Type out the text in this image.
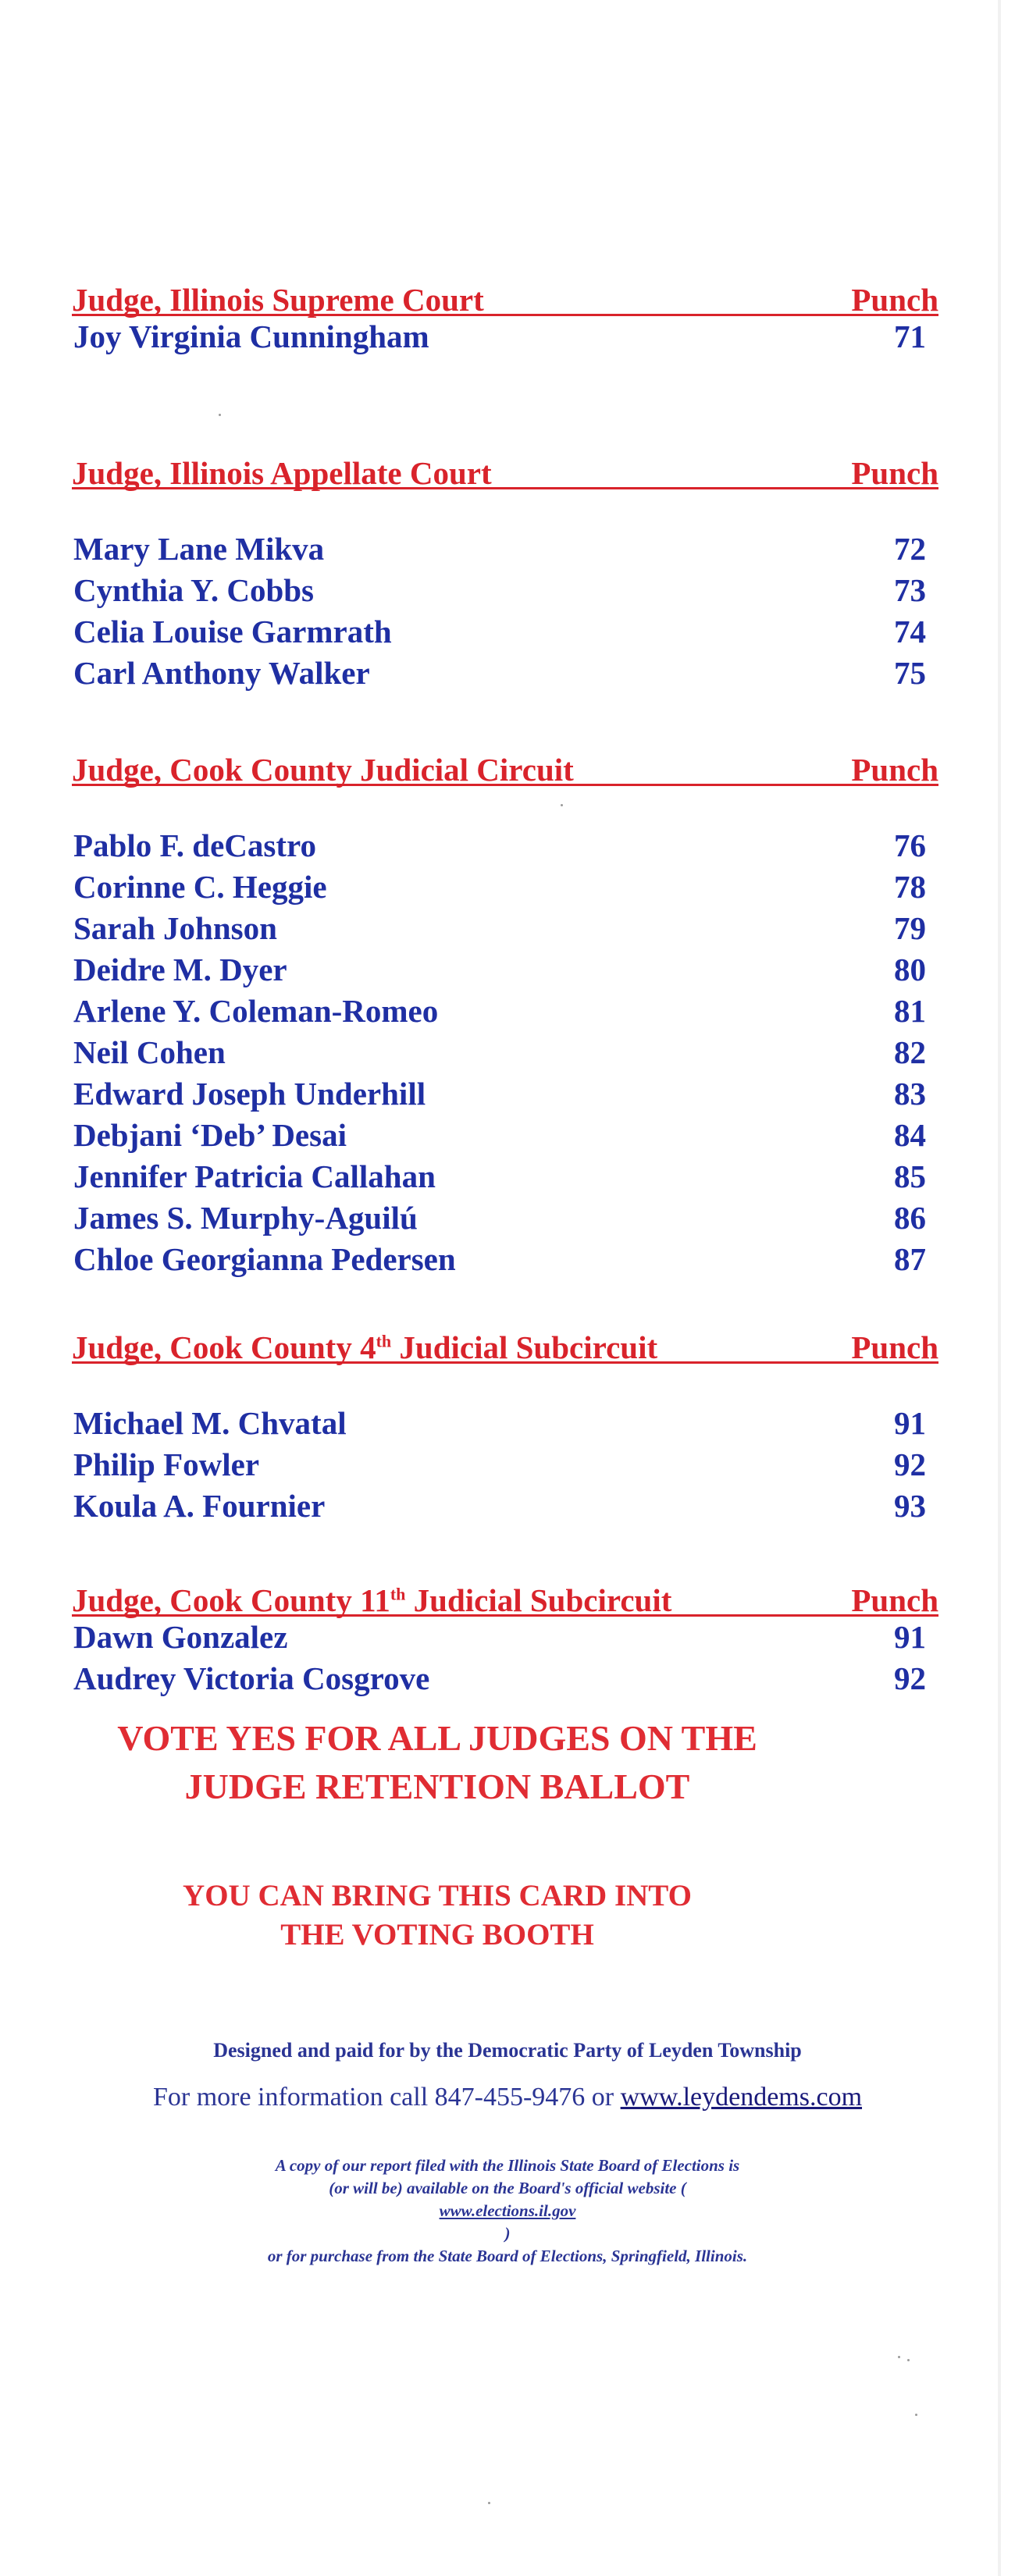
Judge, Illinois Supreme Court	Punch
Joy Virginia Cunningham	71
Judge, Illinois Appellate Court	Punch
Mary Lane Mikva	72
Cynthia Y. Cobbs	73
Celia Louise Garmrath	74
Carl Anthony Walker	75
Judge, Cook County Judicial Circuit	Punch
Pablo F. deCastro	76
Corinne C. Heggie	78
Sarah Johnson	79
Deidre M. Dyer	80
Arlene Y. Coleman-Romeo	81
Neil Cohen	82
Edward Joseph Underhill	83
Debjani ‘Deb’ Desai	84
Jennifer Patricia Callahan	85
James S. Murphy-Aguilú	86
Chloe Georgianna Pedersen	87
Judge, Cook County 4th Judicial Subcircuit	Punch
Michael M. Chvatal	91
Philip Fowler	92
Koula A. Fournier	93
Judge, Cook County 11th Judicial Subcircuit	Punch
Dawn Gonzalez	91
Audrey Victoria Cosgrove	92
VOTE YES FOR ALL JUDGES ON THE
JUDGE RETENTION BALLOT
YOU CAN BRING THIS CARD INTO
THE VOTING BOOTH
Designed and paid for by the Democratic Party of Leyden Township
For more information call 847-455-9476 or www.leydendems.com
A copy of our report filed with the Illinois State Board of Elections is
(or will be) available on the Board's official website (
www.elections.il.gov
)
or for purchase from the State Board of Elections, Springfield, Illinois.
